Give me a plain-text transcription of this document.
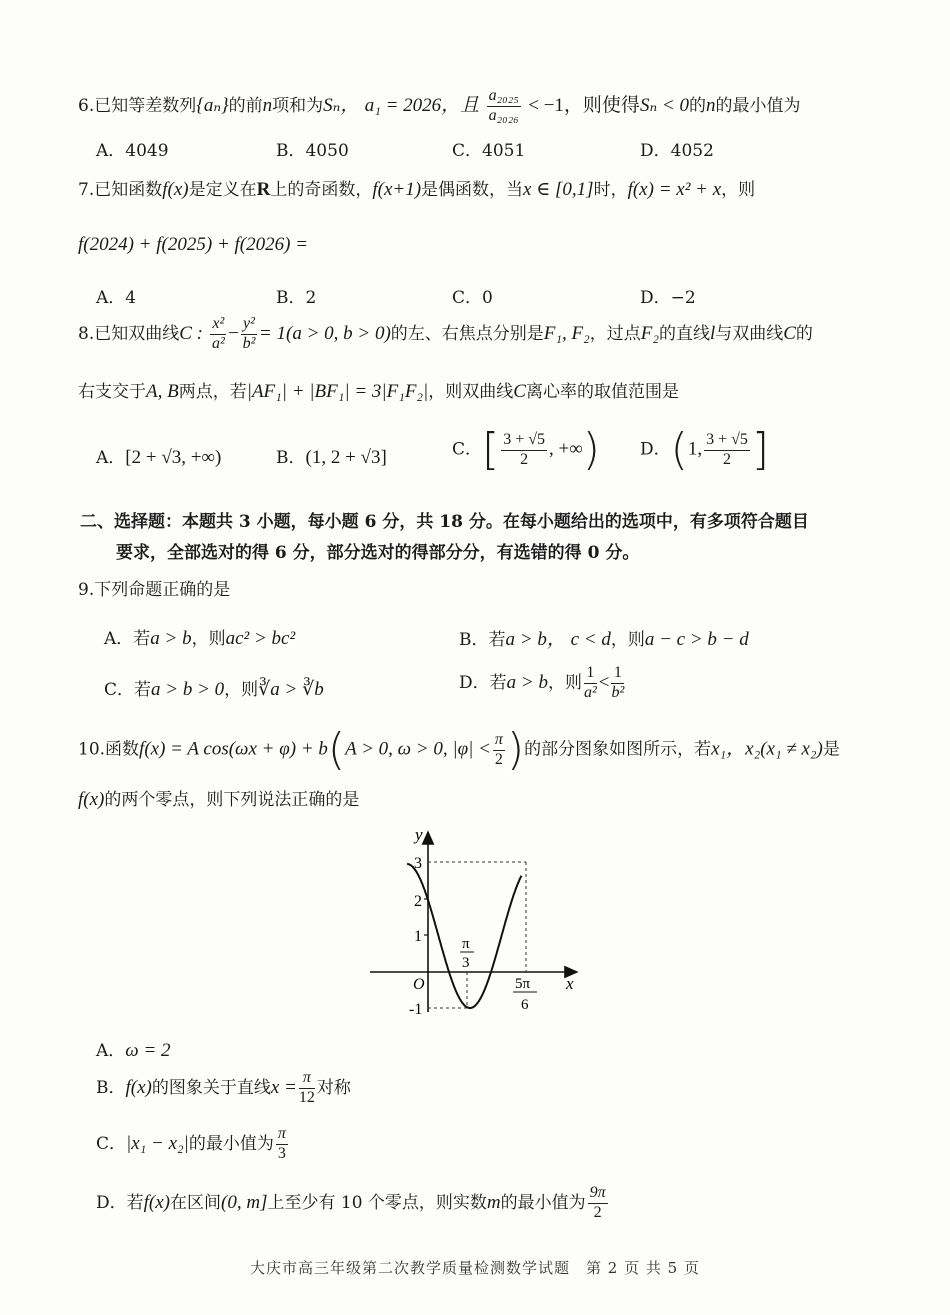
6.已知等差数列{aₙ}的前n项和为Sₙ， a₁ = 2026，且 $\frac{\text{a₂₀₂₅}}{\text{a₂₀₂₆}} < -1$，则使得Sₙ < 0的n的最小值为
A．4049	B．4050	C．4051	D．4052
7.已知函数f(x)是定义在R上的奇函数，f(x+1)是偶函数，当x ∈ [0,1]时，f(x) = x² + x，则
f(2024) + f(2025) + f(2026) =
A．4	B．2	C．0	D．−2
8.已知双曲线C : $\frac{\text{x²}}{\text{a²}} - \frac{\text{y²}}{\text{b²}} = 1(a > 0$, b > 0)的左、右焦点分别是F₁, F₂，过点F₂的直线l与双曲线C的
右支交于A, B两点，若|AF₁| + |BF₁| = 3|F₁F₂|，则双曲线C离心率的取值范围是
A．[2 + √3, +∞)	B．(1, 2 + √3]	C．[ $\frac{3 + √5}{2}$ , +∞) D．(1, $\frac{3 + √5}{2}$ ]
二、选择题：本题共 3 小题，每小题 6 分，共 18 分。在每小题给出的选项中，有多项符合题目
要求，全部选对的得 6 分，部分选对的得部分分，有选错的得 0 分。
9.下列命题正确的是
A．若a > b，则ac² > bc²	B．若a > b， c < d，则a − c > b − d
C．若a > b > 0，则∛a > ∛b	D．若a > b，则 $\frac{1}{\text{a²}} < \frac{1}{\text{b²}}$
10.函数f(x) = A cos(ωx + φ) + b(A > 0, ω > 0, $|\varphi| < \frac{\pi}{2}$ )的部分图象如图所示，若x₁，x₂(x₁ ≠ x₂)是
f(x)的两个零点，则下列说法正确的是
y
x
O
3
2
1
-1
π
3
5π
6
A．ω = 2
B．f(x)的图象关于直线$x = \frac{\pi}{12}$ 对称
C．|x₁ − x₂|的最小值为 $\frac{\pi}{3}$
D．若f(x)在区间(0, m]上至少有 10 个零点，则实数m的最小值为 $\frac{9\pi}{2}$
大庆市高三年级第二次教学质量检测数学试题　第 2 页 共 5 页
